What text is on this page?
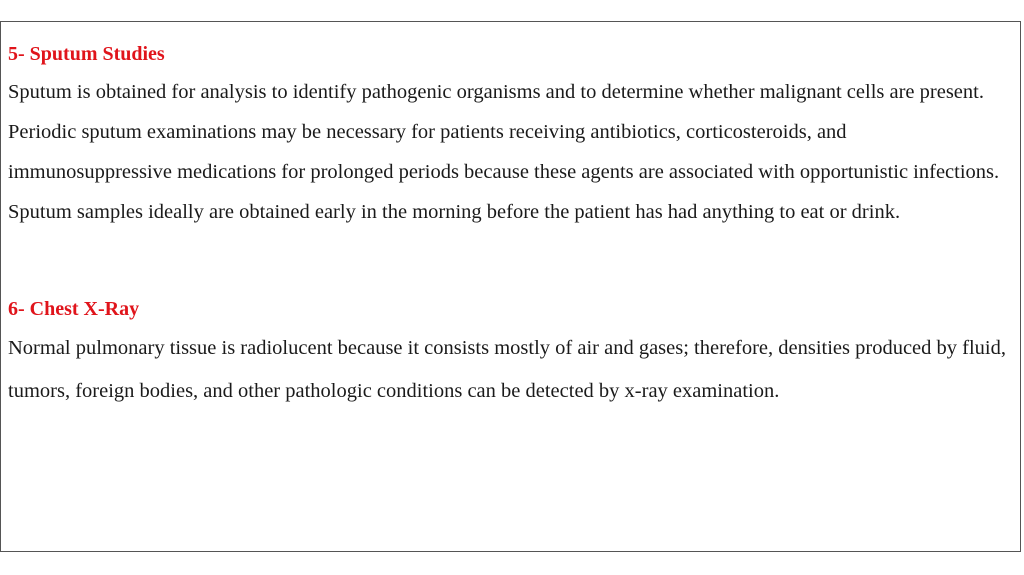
5- Sputum Studies

Sputum is obtained for analysis to identify pathogenic organisms and to determine whether malignant cells are present. Periodic sputum examinations may be necessary for patients receiving antibiotics, corticosteroids, and immunosuppressive medications for prolonged periods because these agents are associated with opportunistic infections. Sputum samples ideally are obtained early in the morning before the patient has had anything to eat or drink.

6- Chest X-Ray

Normal pulmonary tissue is radiolucent because it consists mostly of air and gases; therefore, densities produced by fluid, tumors, foreign bodies, and other pathologic conditions can be detected by x-ray examination.
